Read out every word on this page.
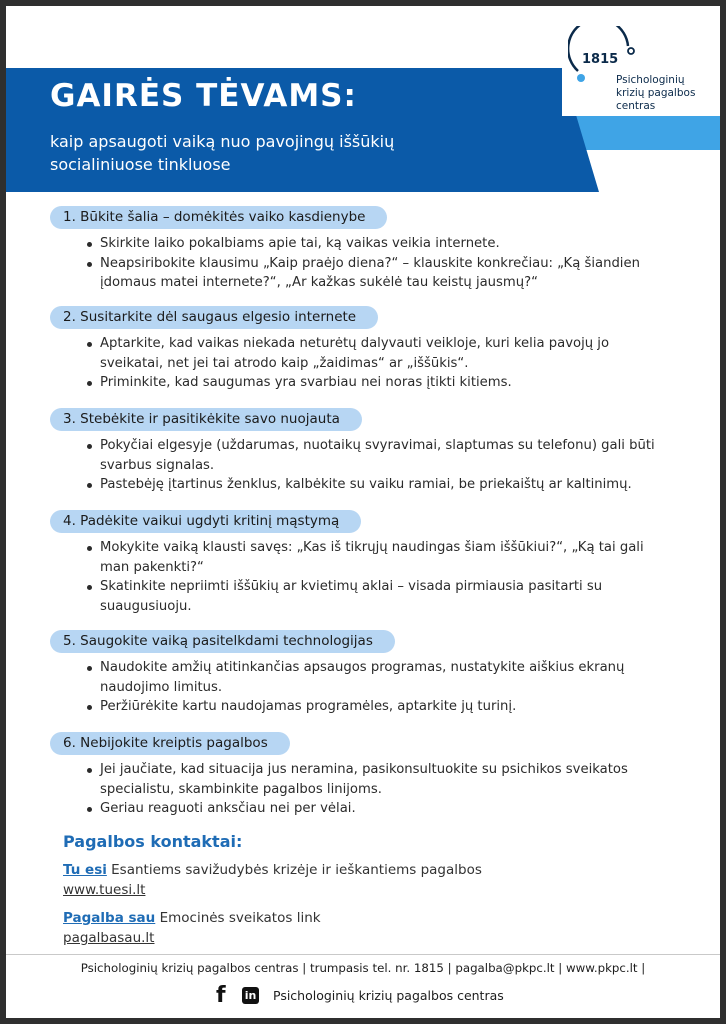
GAIRĖS TĖVAMS:
kaip apsaugoti vaiką nuo pavojingų iššūkių
socialiniuose tinkluose
1815
Psichologinių
krizių pagalbos
centras
1. Būkite šalia – domėkitės vaiko kasdienybe
Skirkite laiko pokalbiams apie tai, ką vaikas veikia internete.
Neapsiribokite klausimu „Kaip praėjo diena?“ – klauskite konkrečiau: „Ką šiandien įdomaus matei internete?“, „Ar kažkas sukėlė tau keistų jausmų?“
2. Susitarkite dėl saugaus elgesio internete
Aptarkite, kad vaikas niekada neturėtų dalyvauti veikloje, kuri kelia pavojų jo sveikatai, net jei tai atrodo kaip „žaidimas“ ar „iššūkis“.
Priminkite, kad saugumas yra svarbiau nei noras įtikti kitiems.
3. Stebėkite ir pasitikėkite savo nuojauta
Pokyčiai elgesyje (uždarumas, nuotaikų svyravimai, slaptumas su telefonu) gali būti svarbus signalas.
Pastebėję įtartinus ženklus, kalbėkite su vaiku ramiai, be priekaištų ar kaltinimų.
4. Padėkite vaikui ugdyti kritinį mąstymą
Mokykite vaiką klausti savęs: „Kas iš tikrųjų naudingas šiam iššūkiui?“, „Ką tai gali man pakenkti?“
Skatinkite nepriimti iššūkių ar kvietimų aklai – visada pirmiausia pasitarti su suaugusiuoju.
5. Saugokite vaiką pasitelkdami technologijas
Naudokite amžių atitinkančias apsaugos programas, nustatykite aiškius ekranų naudojimo limitus.
Peržiūrėkite kartu naudojamas programėles, aptarkite jų turinį.
6. Nebijokite kreiptis pagalbos
Jei jaučiate, kad situacija jus neramina, pasikonsultuokite su psichikos sveikatos specialistu, skambinkite pagalbos linijoms.
Geriau reaguoti anksčiau nei per vėlai.
Pagalbos kontaktai:
Tu esi Esantiems savižudybės krizėje ir ieškantiems pagalbos
www.tuesi.lt
Pagalba sau Emocinės sveikatos link
pagalbasau.lt
Psichologinių krizių pagalbos centras | trumpasis tel. nr. 1815 | pagalba@pkpc.lt | www.pkpc.lt |
f	in Psichologinių krizių pagalbos centras
